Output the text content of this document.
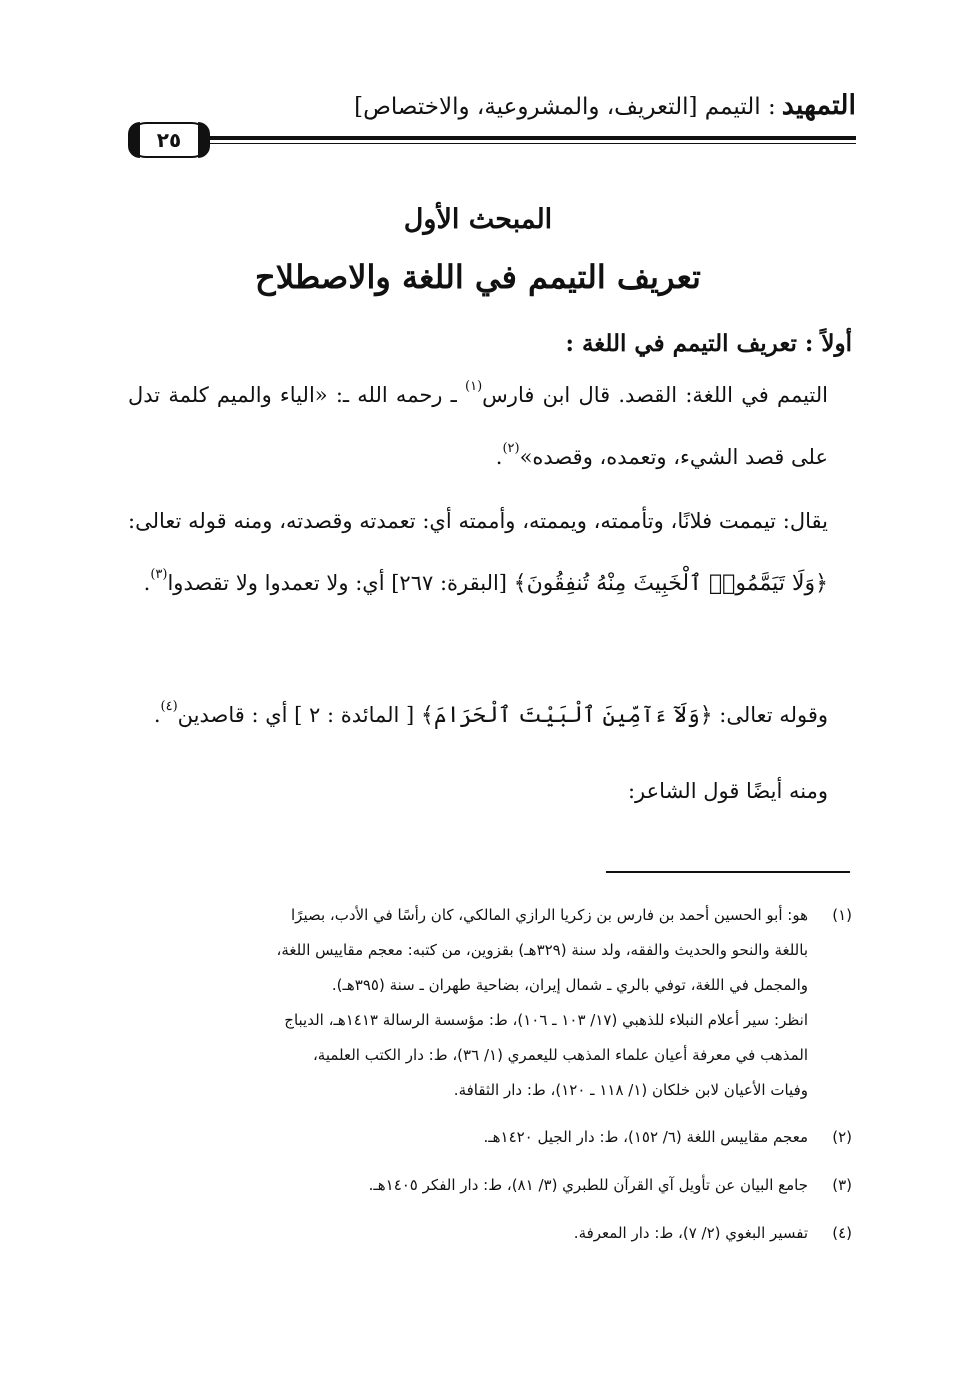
التمهيد: التيمم [التعريف، والمشروعية، والاختصاص]
٢٥
المبحث الأول
تعريف التيمم في اللغة والاصطلاح
أولاً : تعريف التيمم في اللغة :

التيمم في اللغة: القصد. قال ابن فارس$^{(١)}$ ـ رحمه الله ـ: «الياء والميم كلمة تدل على قصد الشيء، وتعمده، وقصده»$^{(٢)}$.

يقال: تيممت فلانًا، وتأممته، ويممته، وأممته أي: تعمدته وقصدته، ومنه قوله تعالى: ﴿وَلَا تَيَمَّمُوا۟ ٱلْخَبِيثَ مِنْهُ تُنفِقُونَ﴾ [البقرة: ٢٦٧] أي: ولا تعمدوا ولا تقصدوا$^{(٣)}$.

وقوله تعالى: ﴿وَلَآ ءَآمِّينَ ٱلْبَيْتَ ٱلْحَرَامَ﴾ [ المائدة : ٢ ] أي : قاصدين$^{(٤)}$.

ومنه أيضًا قول الشاعر:

(١)
هو: أبو الحسين أحمد بن فارس بن زكريا الرازي المالكي، كان رأسًا في الأدب، بصيرًا
باللغة والنحو والحديث والفقه، ولد سنة (٣٢٩هـ) بقزوين، من كتبه: معجم مقاييس اللغة،
والمجمل في اللغة، توفي بالري ـ شمال إيران، بضاحية طهران ـ سنة (٣٩٥هـ).
انظر: سير أعلام النبلاء للذهبي (١٧/ ١٠٣ ـ ١٠٦)، ط: مؤسسة الرسالة ١٤١٣هـ، الديباج
المذهب في معرفة أعيان علماء المذهب لليعمري (١/ ٣٦)، ط: دار الكتب العلمية،
وفيات الأعيان لابن خلكان (١/ ١١٨ ـ ١٢٠)، ط: دار الثقافة.
(٢)
معجم مقاييس اللغة (٦/ ١٥٢)، ط: دار الجيل ١٤٢٠هـ.
(٣)
جامع البيان عن تأويل آي القرآن للطبري (٣/ ٨١)، ط: دار الفكر ١٤٠٥هـ.
(٤)
تفسير البغوي (٢/ ٧)، ط: دار المعرفة.
